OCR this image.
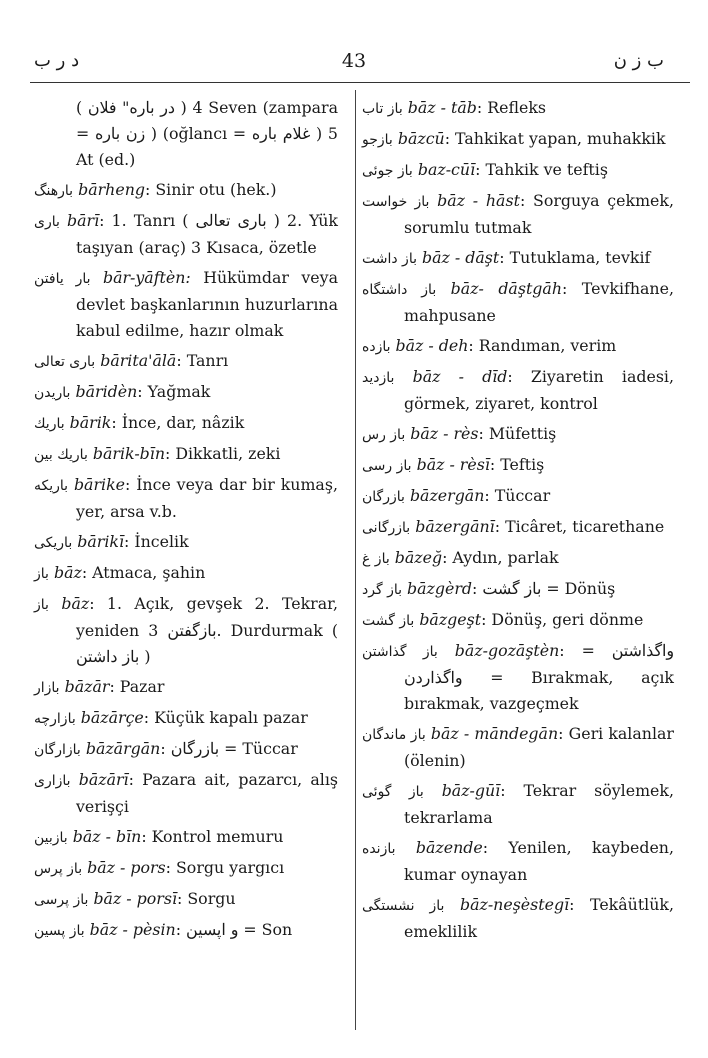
د ر ب	43	ب ز ن

( در باره" فلان ) 4 Seven (zampara = زن باره ) (oğlancı = غلام باره ) 5 At (ed.)

بارهنگ bārheng: Sinir otu (hek.)

باری bārī: 1. Tanrı ( باری تعالی ) 2. Yük taşıyan (araç) 3 Kısaca, özetle

بار يافتن bār-yāftèn: Hükümdar veya devlet başkanlarının huzurlarına kabul edilme, hazır olmak

باری تعالی bārita'ālā: Tanrı

باریدن bāridèn: Yağmak

باریك bārik: İnce, dar, nâzik

باریك بین bārik-bīn: Dikkatli, zeki

باریکه bārike: İnce veya dar bir kumaş, yer, arsa v.b.

باریکی bārikī: İncelik

باز bāz: Atmaca, şahin

باز bāz: 1. Açık, gevşek 2. Tekrar, yeniden بازگفتن 3. Durdurmak ( باز داشتن )

بازار bāzār: Pazar

بازارچه bāzārçe: Küçük kapalı pazar

بازارگان bāzārgān: بازرگان = Tüccar

بازاری bāzārī: Pazara ait, pazarcı, alış verişçi

بازبین bāz - bīn: Kontrol memuru

باز پرس bāz - pors: Sorgu yargıcı

باز پرسی bāz - porsī: Sorgu

باز پسین bāz - pèsin: و اپسین = Son

باز تاب bāz - tāb: Refleks

بازجو bāzcū: Tahkikat yapan, muhakkik

باز جوئی baz-cūī: Tahkik ve teftiş

باز خواست bāz - hāst: Sorguya çekmek, sorumlu tutmak

باز داشت bāz - dāşt: Tutuklama, tevkif

باز داشتگاه bāz- dāştgāh: Tevkifhane, mahpusane

بازده bāz - deh: Randıman, verim

بازدید bāz - dīd: Ziyaretin iadesi, görmek, ziyaret, kontrol

باز رس bāz - rès: Müfettiş

باز رسی bāz - rèsī: Teftiş

بازرگان bāzergān: Tüccar

بازرگانی bāzergānī: Ticâret, ticarethane

باز غ bāzeğ: Aydın, parlak

باز گرد bāzgèrd: باز گشت = Dönüş

باز گشت bāzgeşt: Dönüş, geri dönme

باز گذاشتن bāz-gozāştèn: واگذاشتن = واگذاردن = Bırakmak, açık bırakmak, vazgeçmek

باز ماندگان bāz - māndegān: Geri kalanlar (ölenin)

باز گوئی bāz-gūī: Tekrar söylemek, tekrarlama

بازنده bāzende: Yenilen, kaybeden, kumar oynayan

باز نشستگی bāz-neşèstegī: Tekâütlük, emeklilik
